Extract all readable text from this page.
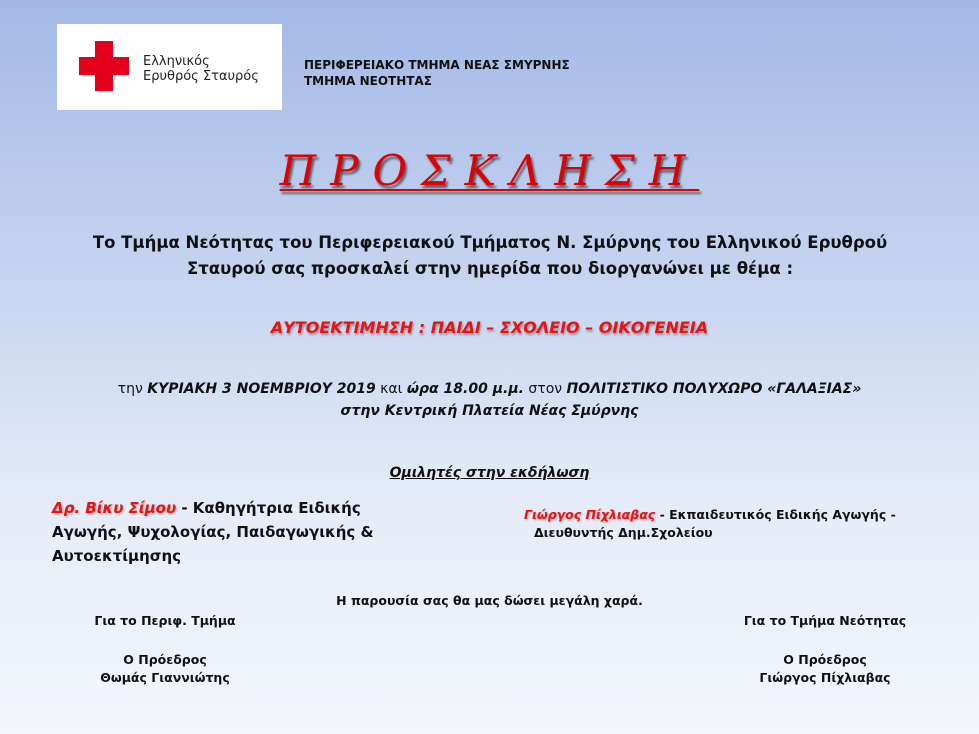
Ελληνικός
Ερυθρός Σταυρός
ΠΕΡΙΦΕΡΕΙΑΚΟ ΤΜΗΜΑ ΝΕΑΣ ΣΜΥΡΝΗΣ
ΤΜΗΜΑ ΝΕΟΤΗΤΑΣ
ΠΡΟΣΚΛΗΣΗ
Το Τμήμα Νεότητας του Περιφερειακού Τμήματος Ν. Σμύρνης του Ελληνικού Ερυθρού
Σταυρού σας προσκαλεί στην ημερίδα που διοργανώνει με θέμα :
ΑΥΤΟΕΚΤΙΜΗΣΗ : ΠΑΙΔΙ – ΣΧΟΛΕΙΟ – ΟΙΚΟΓΕΝΕΙΑ
την ΚΥΡΙΑΚΗ 3 ΝΟΕΜΒΡΙΟΥ 2019 και ώρα 18.00 μ.μ. στον ΠΟΛΙΤΙΣΤΙΚΟ ΠΟΛΥΧΩΡΟ «ΓΑΛΑΞΙΑΣ»
στην Κεντρική Πλατεία Νέας Σμύρνης
Ομιλητές στην εκδήλωση
Δρ. Βίκυ Σίμου - Καθηγήτρια Ειδικής Αγωγής, Ψυχολογίας, Παιδαγωγικής & Αυτοεκτίμησης
Γιώργος Πίχλιαβας - Εκπαιδευτικός Ειδικής Αγωγής -
Διευθυντής Δημ.Σχολείου
Η παρουσία σας θα μας δώσει μεγάλη χαρά.
Για το Περιφ. Τμήμα
Ο Πρόεδρος
Θωμάς Γιαννιώτης
Για το Τμήμα Νεότητας
Ο Πρόεδρος
Γιώργος Πίχλιαβας
